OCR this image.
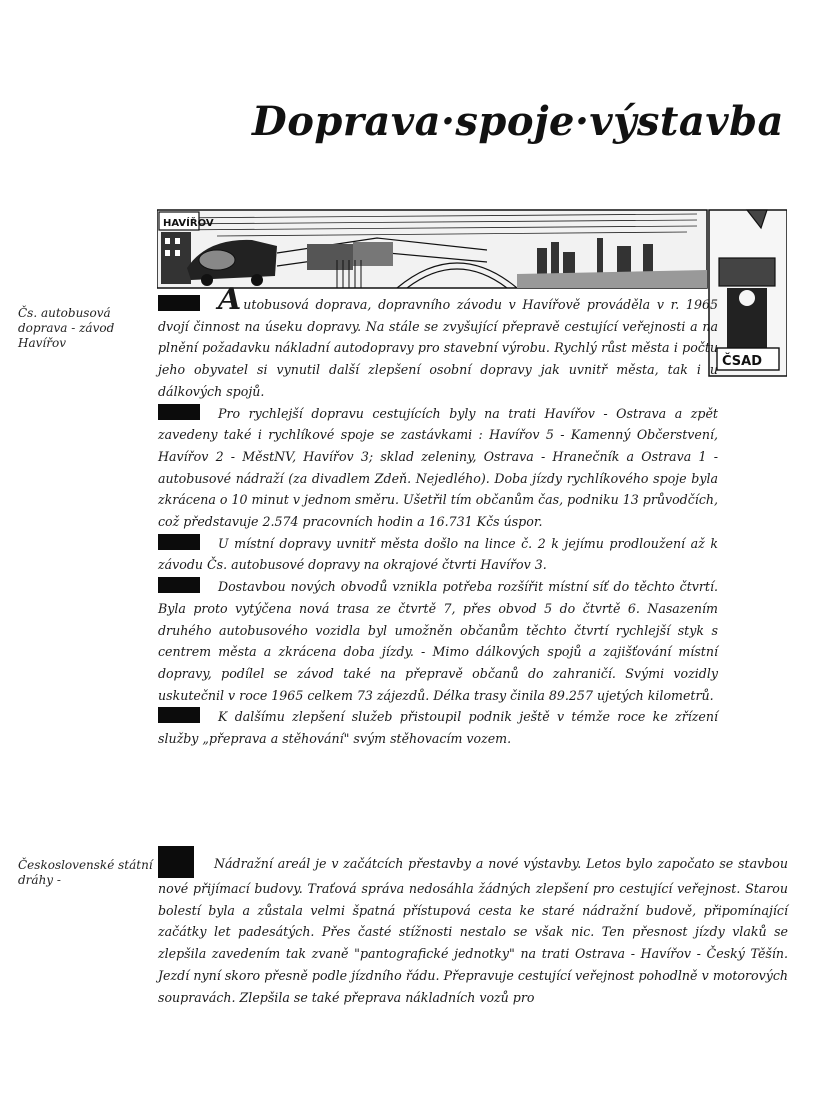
Doprava·spoje·výstavba
HAVÍŘOV
ČSAD
Čs. autobusová doprava - závod Havířov

Autobusová doprava, dopravního závodu v Havířově prováděla v r. 1965 dvojí činnost na úseku dopravy. Na stále se zvyšující přepravě cestující veřejnosti a na plnění požadavku nákladní autodopravy pro stavební výrobu. Rychlý růst města i počtu jeho obyvatel si vynutil další zlepšení osobní dopravy jak uvnitř města, tak i u dálkových spojů.

Pro rychlejší dopravu cestujících byly na trati Havířov - Ostrava a zpět zavedeny také i rychlíkové spoje se zastávkami : Havířov 5 - Kamenný Občerstvení, Havířov 2 - MěstNV, Havířov 3; sklad zeleniny, Ostrava - Hranečník a Ostrava 1 - autobusové nádraží (za divadlem Zdeň. Nejedlého). Doba jízdy rychlíkového spoje byla zkrácena o 10 minut v jednom směru. Ušetřil tím občanům čas, podniku 13 průvodčích, což představuje 2.574 pracovních hodin a 16.731 Kčs úspor.

U místní dopravy uvnitř města došlo na lince č. 2 k jejímu prodloužení až k závodu Čs. autobusové dopravy na okrajové čtvrti Havířov 3.

Dostavbou nových obvodů vznikla potřeba rozšířit místní síť do těchto čtvrtí. Byla proto vytýčena nová trasa ze čtvrtě 7, přes obvod 5 do čtvrtě 6. Nasazením druhého autobusového vozidla byl umožněn občanům těchto čtvrtí rychlejší styk s centrem města a zkrácena doba jízdy. - Mimo dálkových spojů a zajišťování místní dopravy, podílel se závod také na přepravě občanů do zahraničí. Svými vozidly uskutečnil v roce 1965 celkem 73 zájezdů. Délka trasy činila 89.257 ujetých kilometrů.

K dalšímu zlepšení služeb přistoupil podnik ještě v témže roce ke zřízení služby „přeprava a stěhování" svým stěhovacím vozem.

Československé státní dráhy -

Nádražní areál je v začátcích přestavby a nové výstavby. Letos bylo započato se stavbou nové přijímací budovy. Traťová správa nedosáhla žádných zlepšení pro cestující veřejnost. Starou bolestí byla a zůstala velmi špatná přístupová cesta ke staré nádražní budově, připomínající začátky let padesátých. Přes časté stížnosti nestalo se však nic. Ten přesnost jízdy vlaků se zlepšila zavedením tak zvaně "pantografické jednotky" na trati Ostrava - Havířov - Český Těšín. Jezdí nyní skoro přesně podle jízdního řádu. Přepravuje cestující veřejnost pohodlně v motorových soupravách. Zlepšila se také přeprava nákladních vozů pro
